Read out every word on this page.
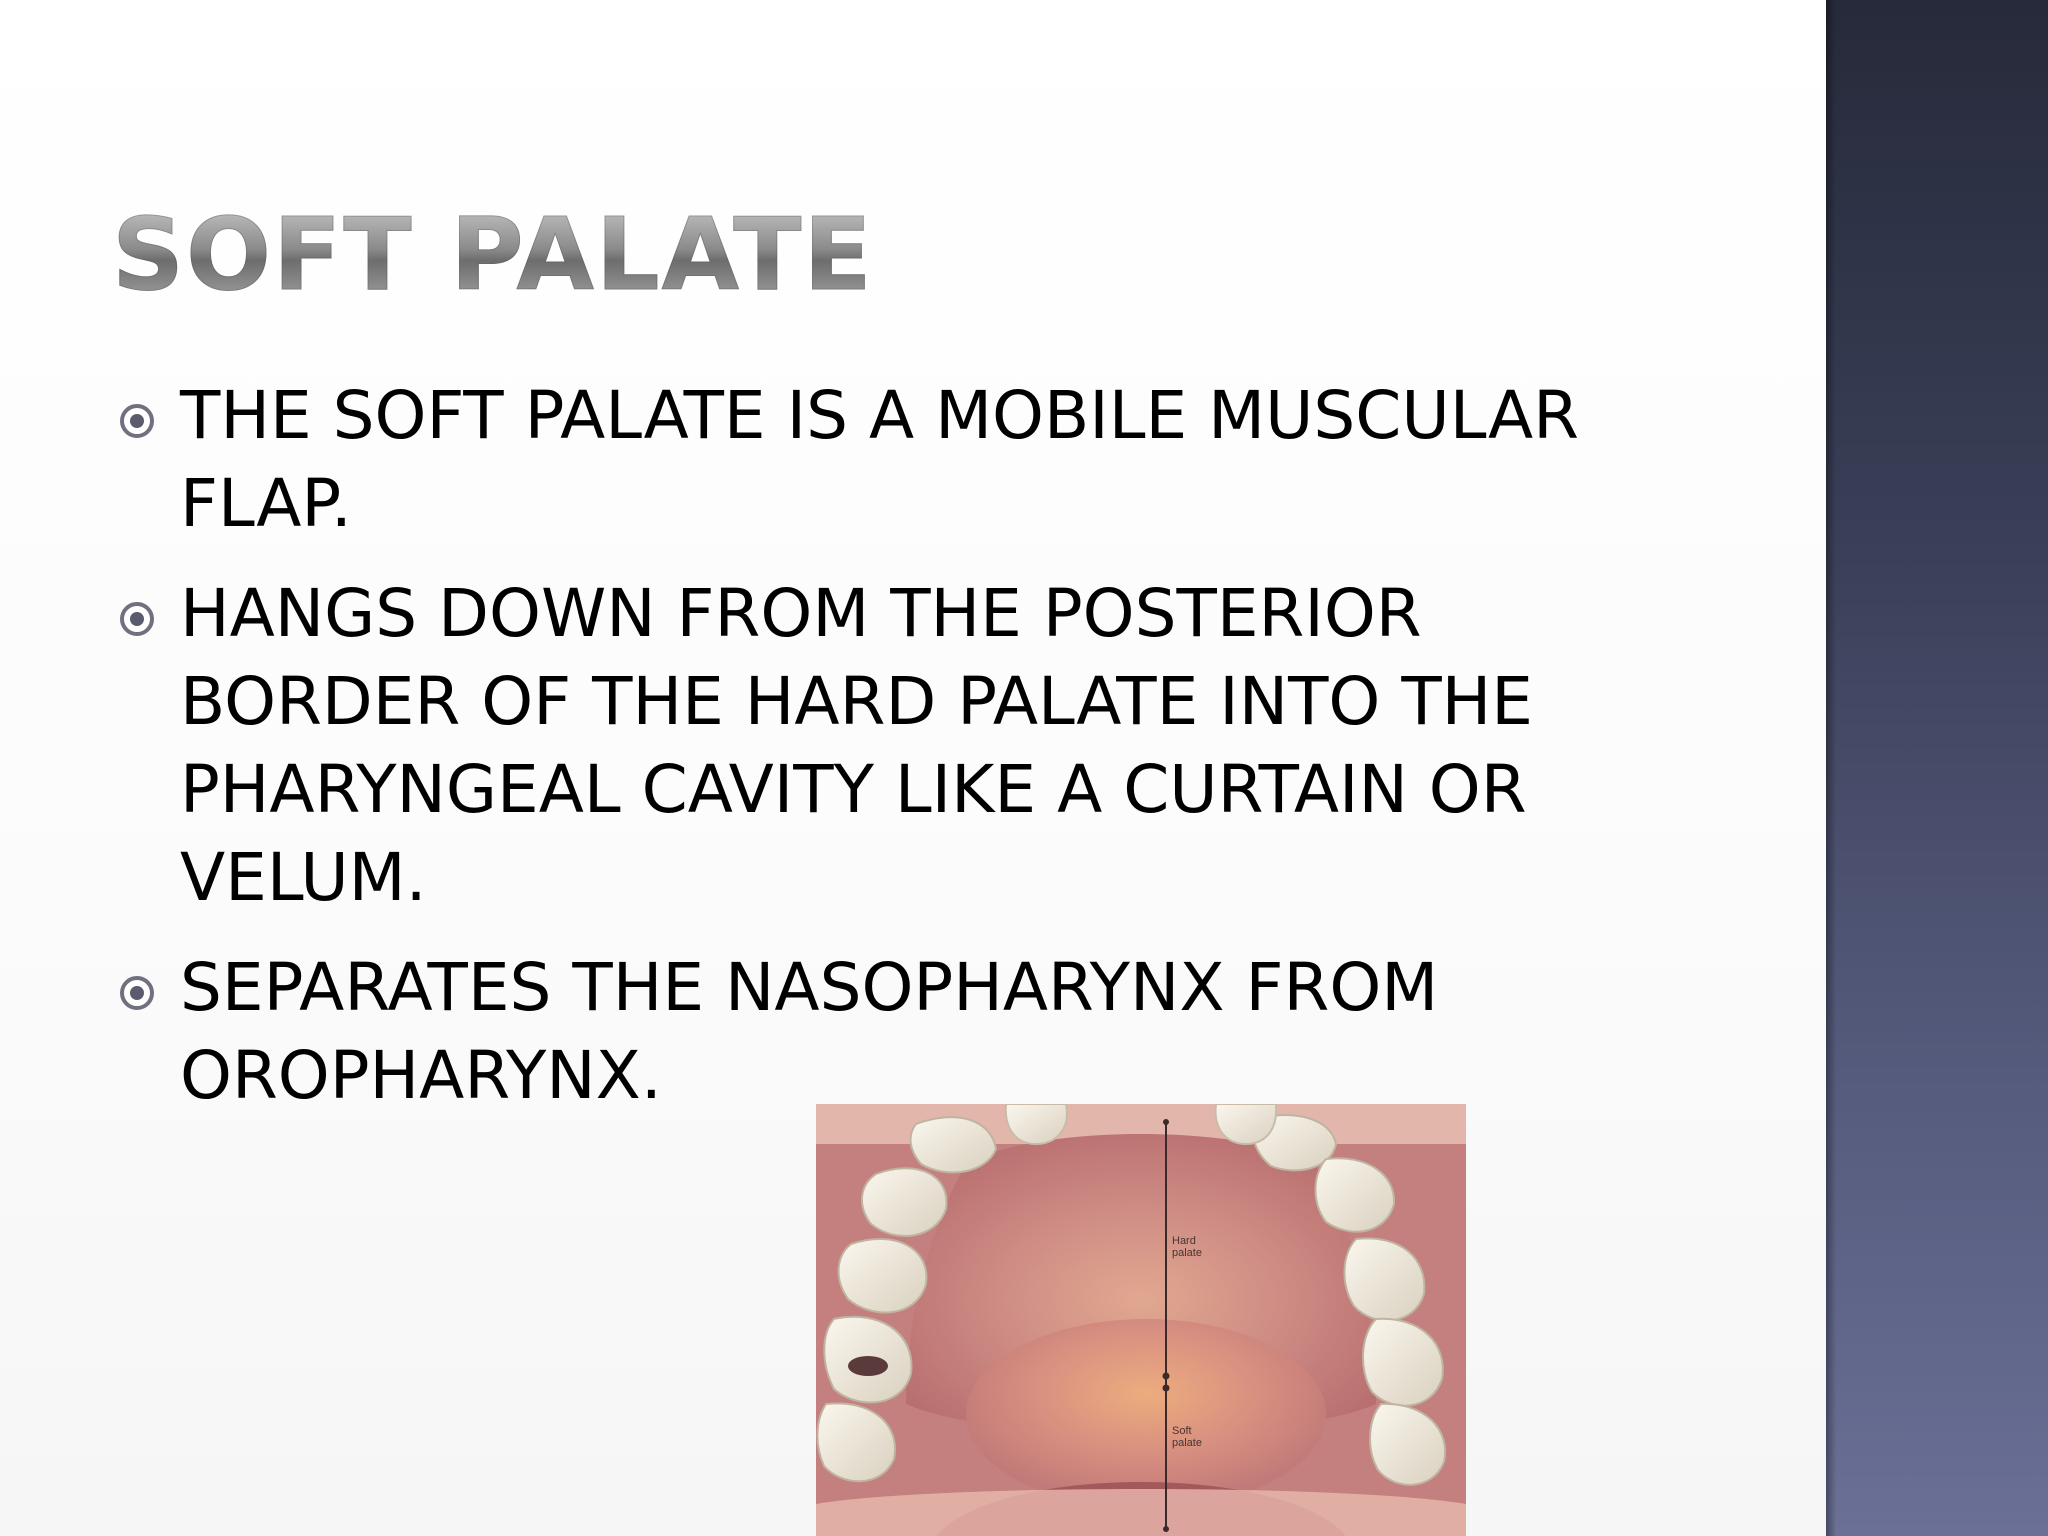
SOFT PALATE
THE SOFT PALATE IS A MOBILE MUSCULAR FLAP.
HANGS DOWN FROM THE POSTERIOR BORDER OF THE HARD PALATE INTO THE PHARYNGEAL CAVITY LIKE A CURTAIN OR VELUM.
SEPARATES THE NASOPHARYNX FROM OROPHARYNX.
Hard palate
Soft palate
